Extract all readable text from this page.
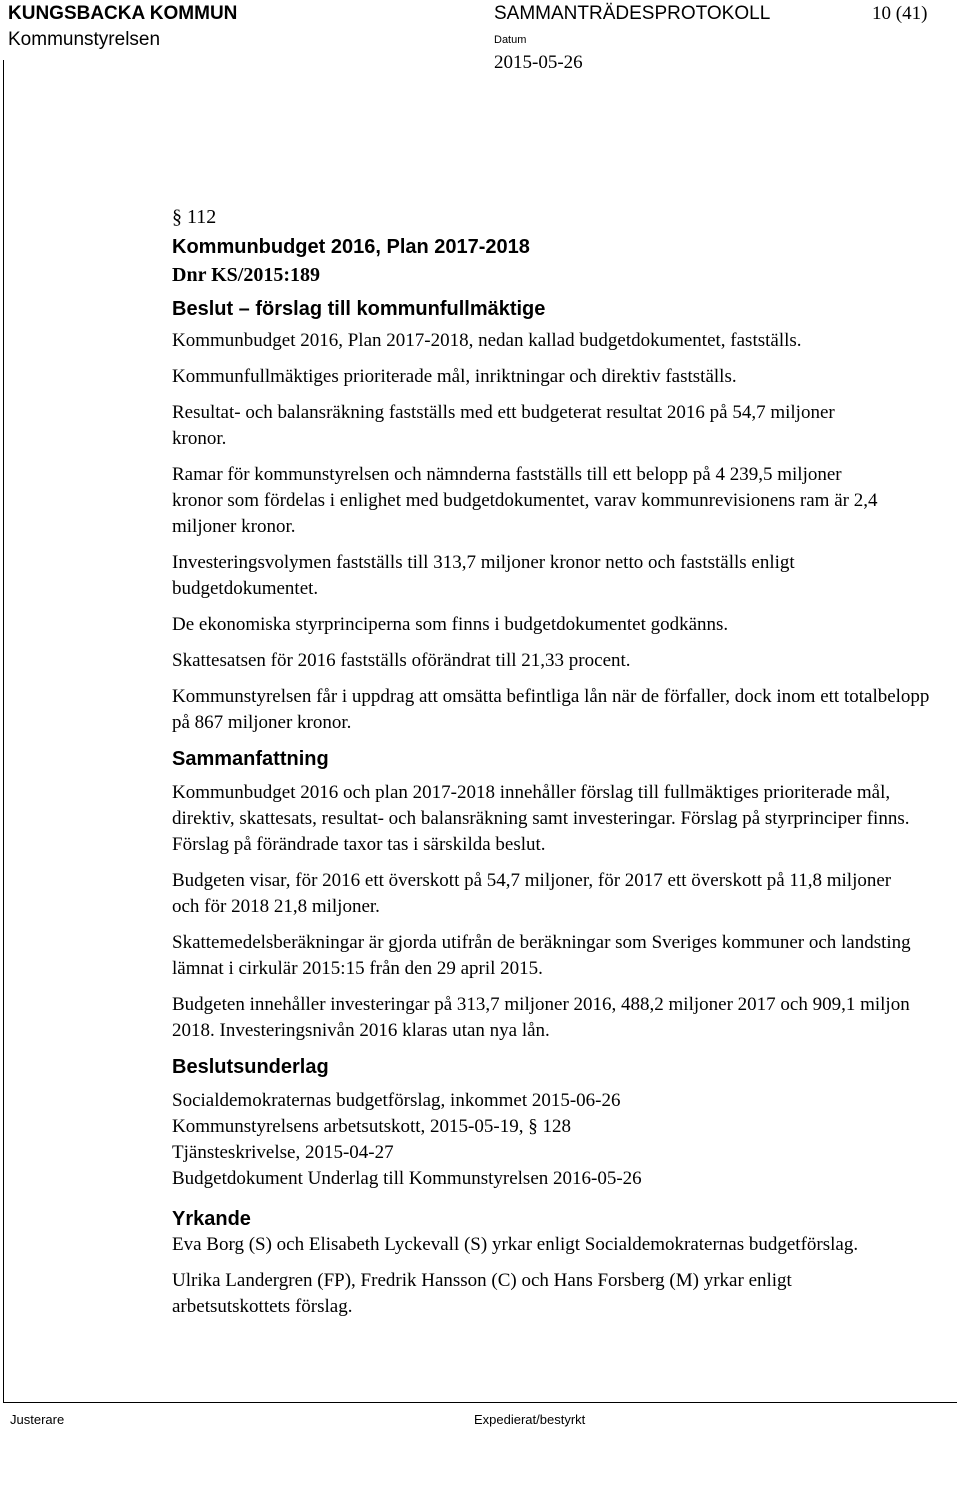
KUNGSBACKA KOMMUN
Kommunstyrelsen
SAMMANTRÄDESPROTOKOLL	10 (41)
Datum
2015-05-26
§ 112
Kommunbudget 2016, Plan 2017-2018
Dnr KS/2015:189
Beslut – förslag till kommunfullmäktige

Kommunbudget 2016, Plan 2017-2018, nedan kallad budgetdokumentet, fastställs.

Kommunfullmäktiges prioriterade mål, inriktningar och direktiv fastställs.

Resultat- och balansräkning fastställs med ett budgeterat resultat 2016 på 54,7 miljoner kronor.

Ramar för kommunstyrelsen och nämnderna fastställs till ett belopp på 4 239,5 miljoner kronor som fördelas i enlighet med budgetdokumentet, varav kommunrevisionens ram är 2,4 miljoner kronor.

Investeringsvolymen fastställs till 313,7 miljoner kronor netto och fastställs enligt budgetdokumentet.

De ekonomiska styrprinciperna som finns i budgetdokumentet godkänns.

Skattesatsen för 2016 fastställs oförändrat till 21,33 procent.

Kommunstyrelsen får i uppdrag att omsätta befintliga lån när de förfaller, dock inom ett totalbelopp på 867 miljoner kronor.

Sammanfattning

Kommunbudget 2016 och plan 2017-2018 innehåller förslag till fullmäktiges prioriterade mål, direktiv, skattesats, resultat- och balansräkning samt investeringar. Förslag på styrprinciper finns. Förslag på förändrade taxor tas i särskilda beslut.

Budgeten visar, för 2016 ett överskott på 54,7 miljoner, för 2017 ett överskott på 11,8 miljoner och för 2018 21,8 miljoner.

Skattemedelsberäkningar är gjorda utifrån de beräkningar som Sveriges kommuner och landsting lämnat i cirkulär 2015:15 från den 29 april 2015.

Budgeten innehåller investeringar på 313,7 miljoner 2016, 488,2 miljoner 2017 och 909,1 miljon 2018. Investeringsnivån 2016 klaras utan nya lån.

Beslutsunderlag
Socialdemokraternas budgetförslag, inkommet 2015-06-26
Kommunstyrelsens arbetsutskott, 2015-05-19, § 128
Tjänsteskrivelse, 2015-04-27
Budgetdokument Underlag till Kommunstyrelsen 2016-05-26
Yrkande

Eva Borg (S) och Elisabeth Lyckevall (S) yrkar enligt Socialdemokraternas budgetförslag.

Ulrika Landergren (FP), Fredrik Hansson (C) och Hans Forsberg (M) yrkar enligt arbetsutskottets förslag.

Justerare	Expedierat/bestyrkt
